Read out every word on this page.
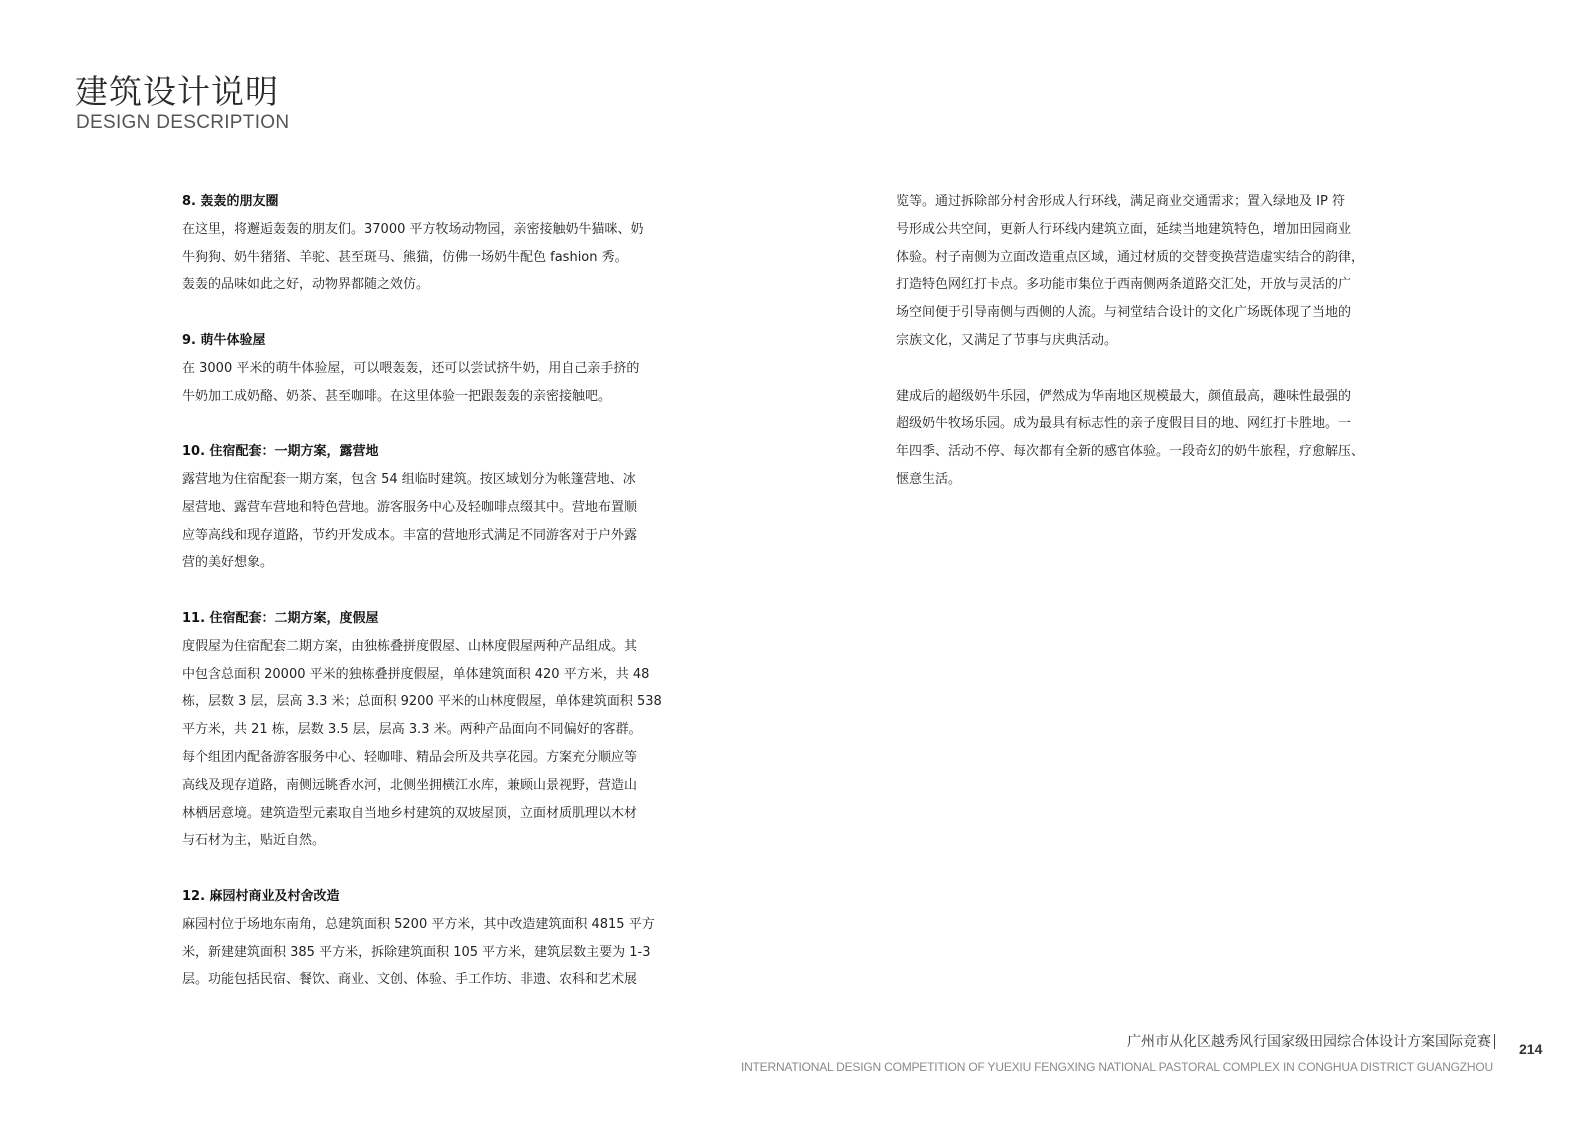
建筑设计说明
DESIGN DESCRIPTION
8. 轰轰的朋友圈
在这里，将邂逅轰轰的朋友们。37000 平方牧场动物园，亲密接触奶牛猫咪、奶
牛狗狗、奶牛猪猪、羊驼、甚至斑马、熊猫，仿佛一场奶牛配色 fashion 秀。
轰轰的品味如此之好，动物界都随之效仿。
9. 萌牛体验屋
在 3000 平米的萌牛体验屋，可以喂轰轰，还可以尝试挤牛奶，用自己亲手挤的
牛奶加工成奶酪、奶茶、甚至咖啡。在这里体验一把跟轰轰的亲密接触吧。
10. 住宿配套：一期方案，露营地
露营地为住宿配套一期方案，包含 54 组临时建筑。按区域划分为帐篷营地、冰
屋营地、露营车营地和特色营地。游客服务中心及轻咖啡点缀其中。营地布置顺
应等高线和现存道路，节约开发成本。丰富的营地形式满足不同游客对于户外露
营的美好想象。
11. 住宿配套：二期方案，度假屋
度假屋为住宿配套二期方案，由独栋叠拼度假屋、山林度假屋两种产品组成。其
中包含总面积 20000 平米的独栋叠拼度假屋，单体建筑面积 420 平方米，共 48
栋，层数 3 层，层高 3.3 米；总面积 9200 平米的山林度假屋，单体建筑面积 538
平方米，共 21 栋，层数 3.5 层，层高 3.3 米。两种产品面向不同偏好的客群。
每个组团内配备游客服务中心、轻咖啡、精品会所及共享花园。方案充分顺应等
高线及现存道路，南侧远眺香水河，北侧坐拥横江水库，兼顾山景视野，营造山
林栖居意境。建筑造型元素取自当地乡村建筑的双坡屋顶，立面材质肌理以木材
与石材为主，贴近自然。
12. 麻园村商业及村舍改造
麻园村位于场地东南角，总建筑面积 5200 平方米，其中改造建筑面积 4815 平方
米，新建建筑面积 385 平方米，拆除建筑面积 105 平方米，建筑层数主要为 1-3
层。功能包括民宿、餐饮、商业、文创、体验、手工作坊、非遗、农科和艺术展
览等。通过拆除部分村舍形成人行环线，满足商业交通需求；置入绿地及 IP 符
号形成公共空间，更新人行环线内建筑立面，延续当地建筑特色，增加田园商业
体验。村子南侧为立面改造重点区域，通过材质的交替变换营造虚实结合的韵律，
打造特色网红打卡点。多功能市集位于西南侧两条道路交汇处，开放与灵活的广
场空间便于引导南侧与西侧的人流。与祠堂结合设计的文化广场既体现了当地的
宗族文化，又满足了节事与庆典活动。
建成后的超级奶牛乐园，俨然成为华南地区规模最大，颜值最高，趣味性最强的
超级奶牛牧场乐园。成为最具有标志性的亲子度假目目的地、网红打卡胜地。一
年四季、活动不停、每次都有全新的感官体验。一段奇幻的奶牛旅程，疗愈解压、
惬意生活。
广州市从化区越秀风行国家级田园综合体设计方案国际竞赛 214
INTERNATIONAL DESIGN COMPETITION OF YUEXIU FENGXING NATIONAL PASTORAL COMPLEX IN CONGHUA DISTRICT GUANGZHOU
